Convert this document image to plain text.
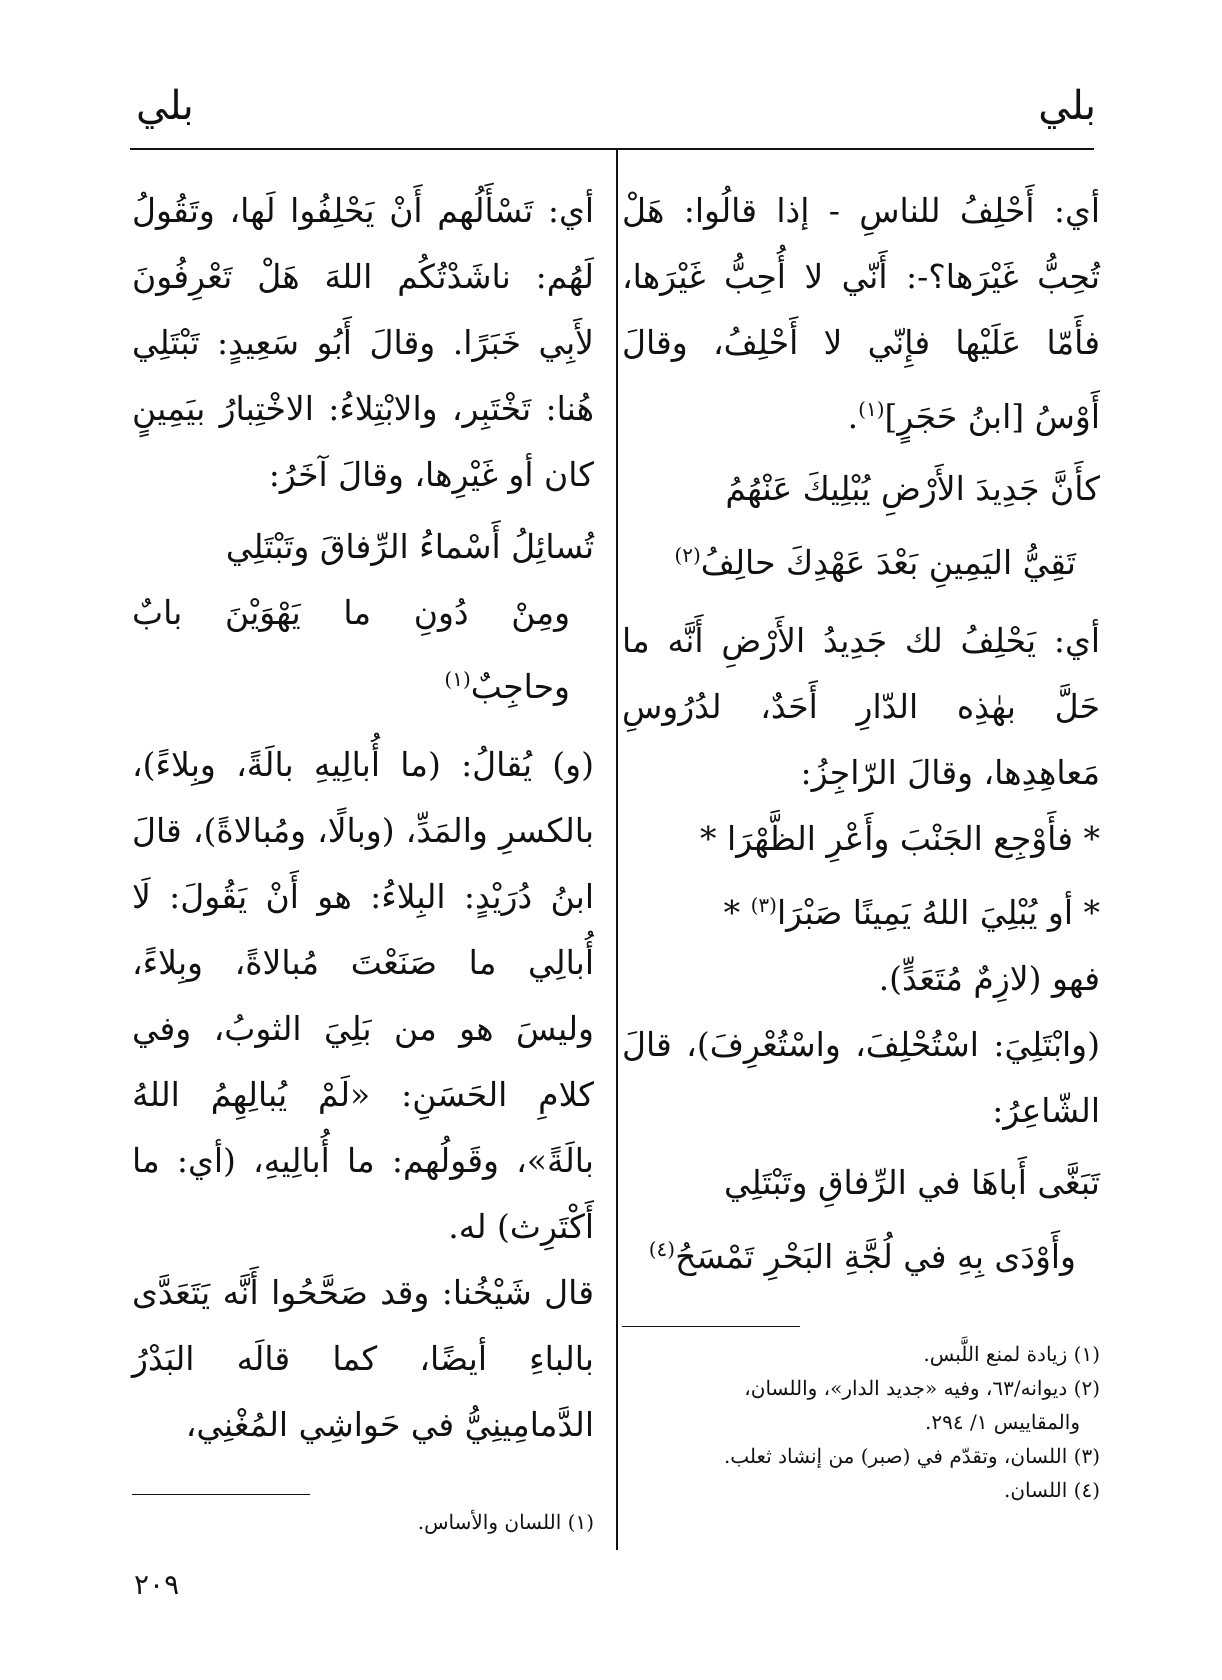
بلي
بلي

أي: أَحْلِفُ للناسِ - إذا قالُوا: هَلْ تُحِبُّ غَيْرَها؟-: أَنّي لا أُحِبُّ غَيْرَها، فأَمّا عَلَيْها فإِنّي لا أَحْلِفُ، وقالَ أَوْسُ [ابنُ حَجَرٍ]$^{(١)}$.

كأَنَّ جَدِيدَ الأَرْضِ يُبْلِيكَ عَنْهُمُ
تَقِيُّ اليَمِينِ بَعْدَ عَهْدِكَ حالِفُ$^{(٢)}$

أي: يَحْلِفُ لك جَدِيدُ الأَرْضِ أَنَّه ما حَلَّ بهٰذِه الدّارِ أَحَدٌ، لدُرُوسِ مَعاهِدِها، وقالَ الرّاجِزُ:

* فأَوْجِع الجَنْبَ وأَعْرِ الظَّهْرَا *
* أو يُبْلِيَ اللهُ يَمِينًا صَبْرَا$^{(٣)}$ *

فهو (لازِمٌ مُتَعَدٍّ).

(وابْتَلِيَ: اسْتُحْلِفَ، واسْتُعْرِفَ)، قالَ الشّاعِرُ:

تَبَغَّى أَباهَا في الرِّفاقِ وتَبْتَلِي
وأَوْدَى بِهِ في لُجَّةِ البَحْرِ تَمْسَحُ$^{(٤)}$
(١) زيادة لمنع اللَّبس.
(٢) ديوانه/٦٣، وفيه «جديد الدار»، واللسان،
والمقاييس ١/ ٢٩٤.
(٣) اللسان، وتقدّم في (صبر) من إنشاد ثعلب.
(٤) اللسان.

أي: تَسْأَلُهم أَنْ يَحْلِفُوا لَها، وتَقُولُ لَهُم: ناشَدْتُكُم اللهَ هَلْ تَعْرِفُونَ لأَبِي خَبَرًا. وقالَ أَبُو سَعِيدٍ: تَبْتَلِي هُنا: تَخْتَبِر، والابْتِلاءُ: الاخْتِبارُ بيَمِينٍ كان أو غَيْرِها، وقالَ آخَرُ:

تُسائِلُ أَسْماءُ الرِّفاقَ وتَبْتَلِي
ومِنْ دُونِ ما يَهْوَيْنَ بابٌ وحاجِبٌ$^{(١)}$

(و) يُقالُ: (ما أُبالِيهِ بالَةً، وبِلاءً)، بالكسرِ والمَدِّ، (وبالًا، ومُبالاةً)، قالَ ابنُ دُرَيْدٍ: البِلاءُ: هو أَنْ يَقُولَ: لَا أُبالِي ما صَنَعْتَ مُبالاةً، وبِلاءً، وليسَ هو من بَلِيَ الثوبُ، وفي كلامِ الحَسَنِ: «لَمْ يُبالِهِمُ اللهُ بالَةً»، وقَولُهم: ما أُبالِيهِ، (أي: ما أَكْتَرِث) له.

قال شَيْخُنا: وقد صَحَّحُوا أَنَّه يَتَعَدَّى بالباءِ أيضًا، كما قالَه البَدْرُ الدَّمامِينِيُّ في حَواشِي المُغْنِي،

(١) اللسان والأساس.
٢٠٩
